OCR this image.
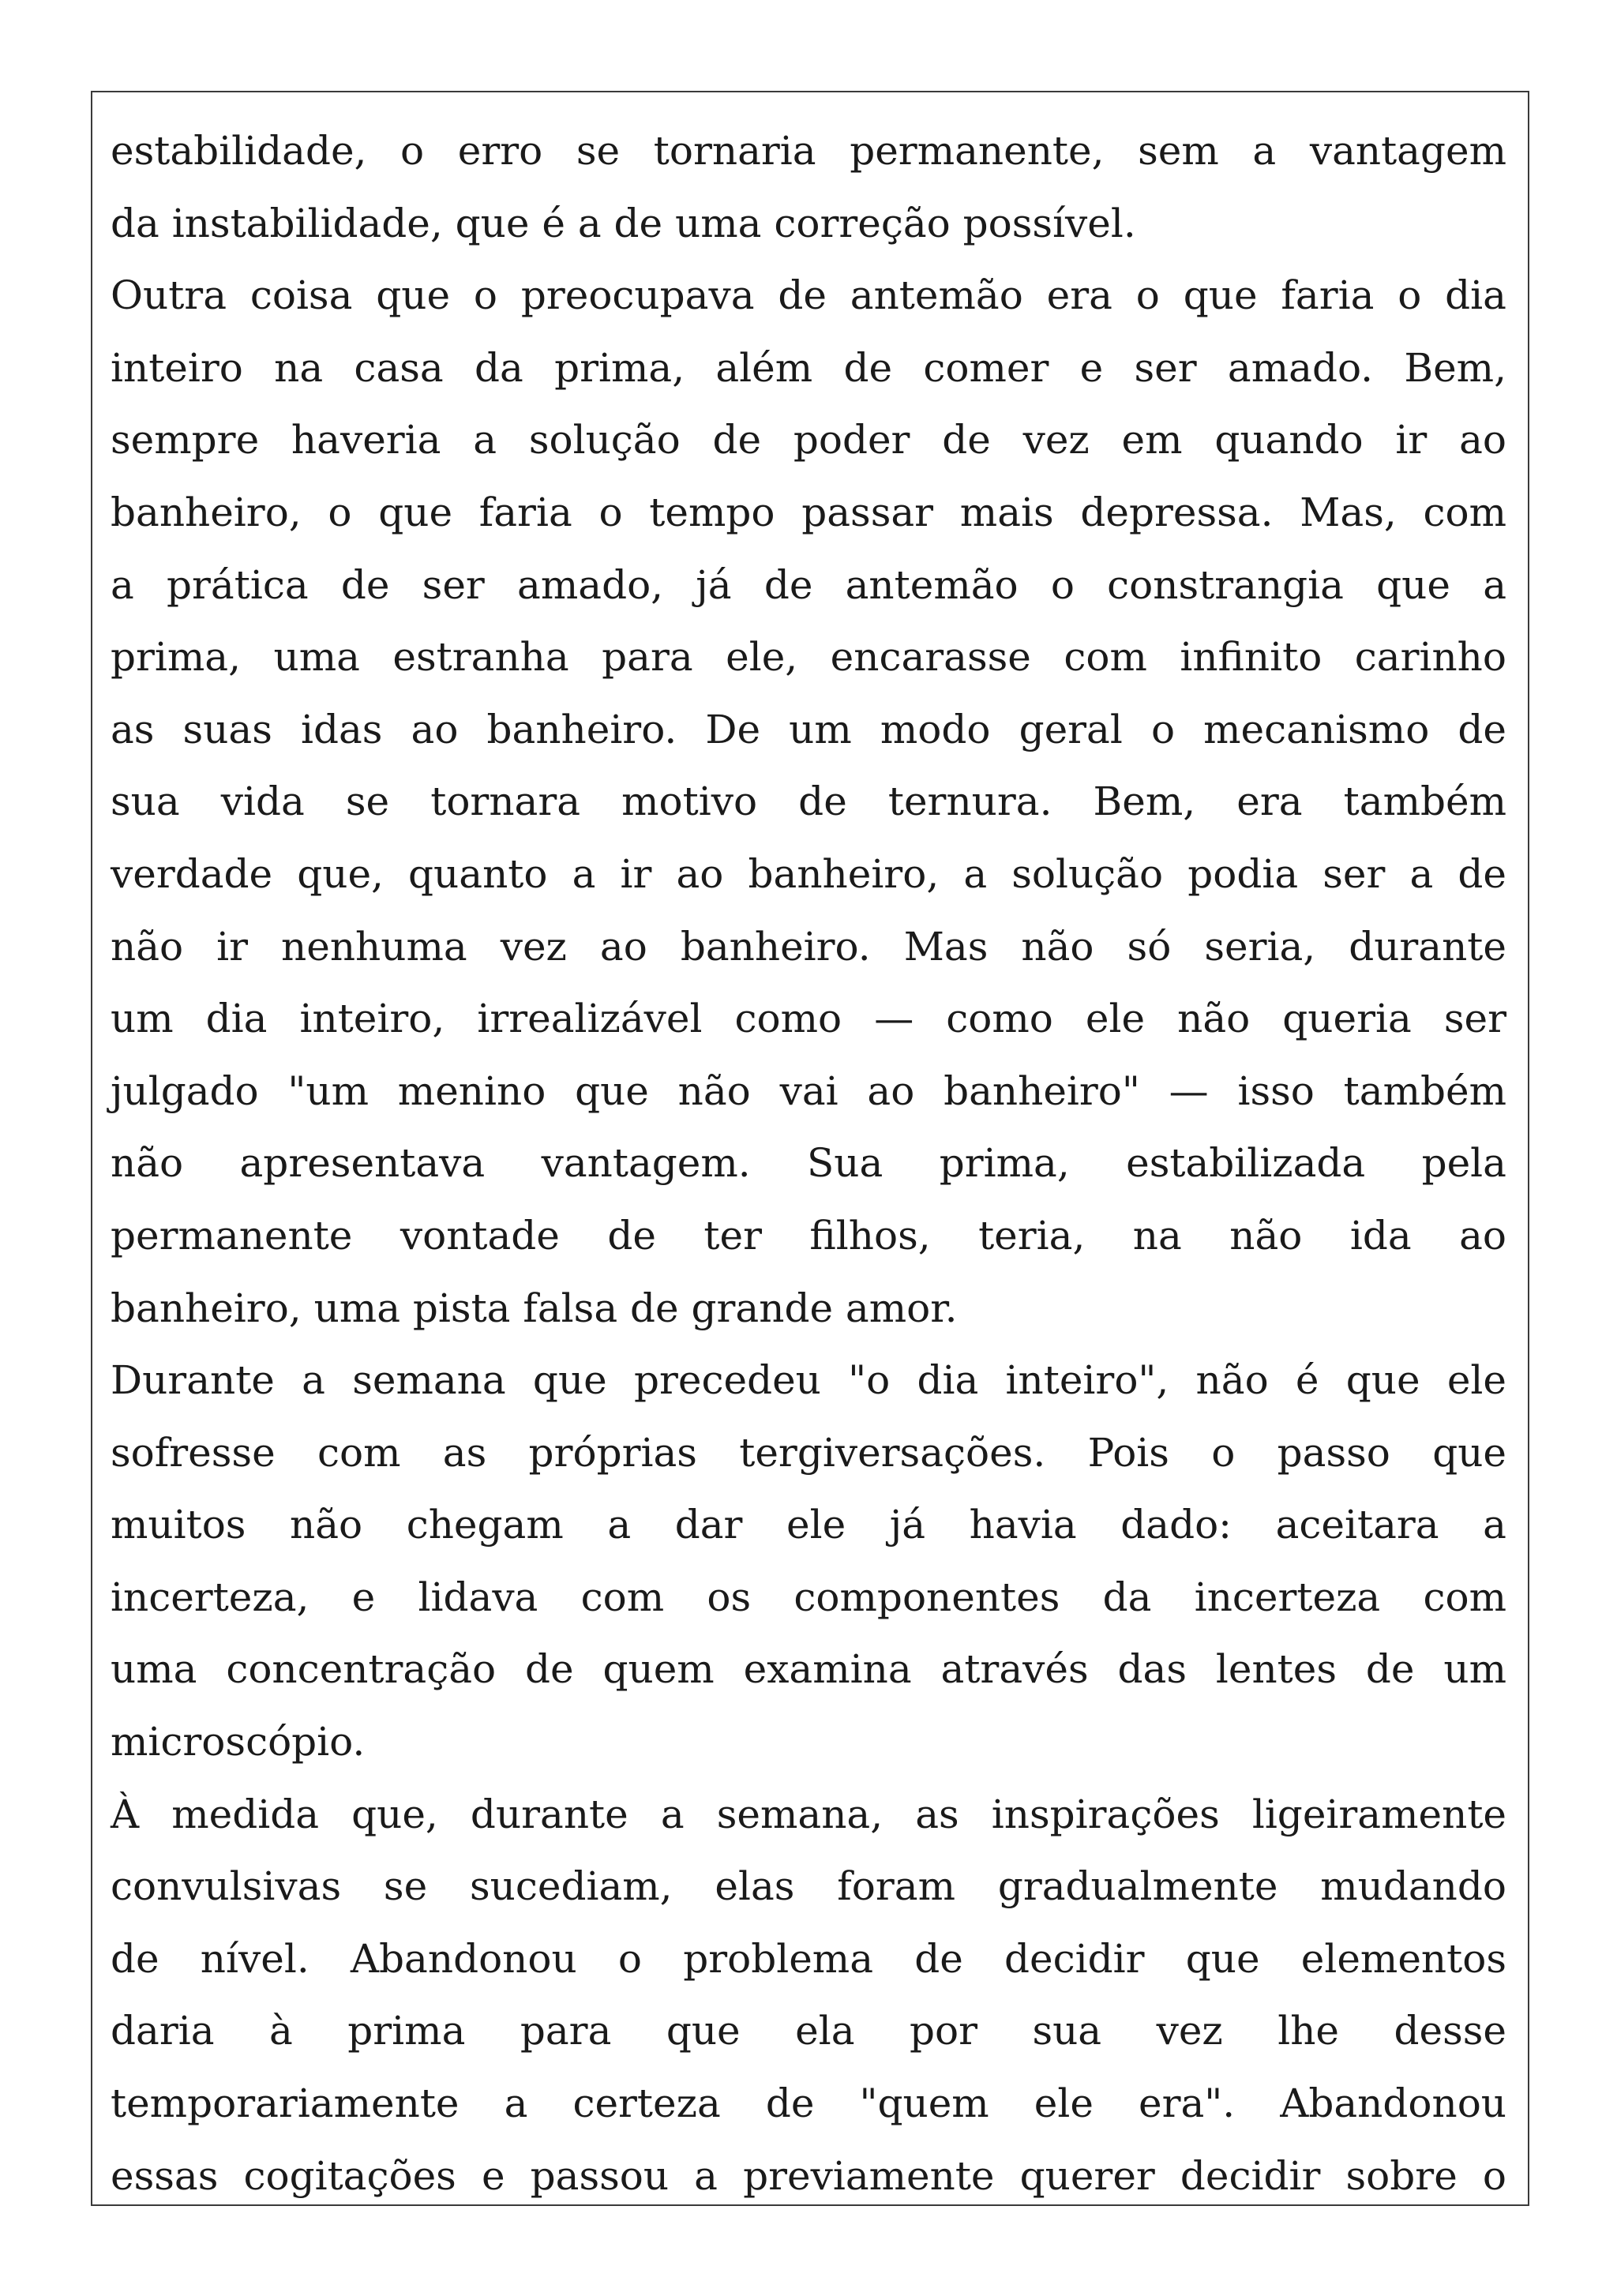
estabilidade, o erro se tornaria permanente, sem a vantagem
da instabilidade, que é a de uma correção possível.
Outra coisa que o preocupava de antemão era o que faria o dia
inteiro na casa da prima, além de comer e ser amado. Bem,
sempre haveria a solução de poder de vez em quando ir ao
banheiro, o que faria o tempo passar mais depressa. Mas, com
a prática de ser amado, já de antemão o constrangia que a
prima, uma estranha para ele, encarasse com infinito carinho
as suas idas ao banheiro. De um modo geral o mecanismo de
sua vida se tornara motivo de ternura. Bem, era também
verdade que, quanto a ir ao banheiro, a solução podia ser a de
não ir nenhuma vez ao banheiro. Mas não só seria, durante
um dia inteiro, irrealizável como — como ele não queria ser
julgado "um menino que não vai ao banheiro" — isso também
não apresentava vantagem. Sua prima, estabilizada pela
permanente vontade de ter filhos, teria, na não ida ao
banheiro, uma pista falsa de grande amor.
Durante a semana que precedeu "o dia inteiro", não é que ele
sofresse com as próprias tergiversações. Pois o passo que
muitos não chegam a dar ele já havia dado: aceitara a
incerteza, e lidava com os componentes da incerteza com
uma concentração de quem examina através das lentes de um
microscópio.
À medida que, durante a semana, as inspirações ligeiramente
convulsivas se sucediam, elas foram gradualmente mudando
de nível. Abandonou o problema de decidir que elementos
daria à prima para que ela por sua vez lhe desse
temporariamente a certeza de "quem ele era". Abandonou
essas cogitações e passou a previamente querer decidir sobre o
